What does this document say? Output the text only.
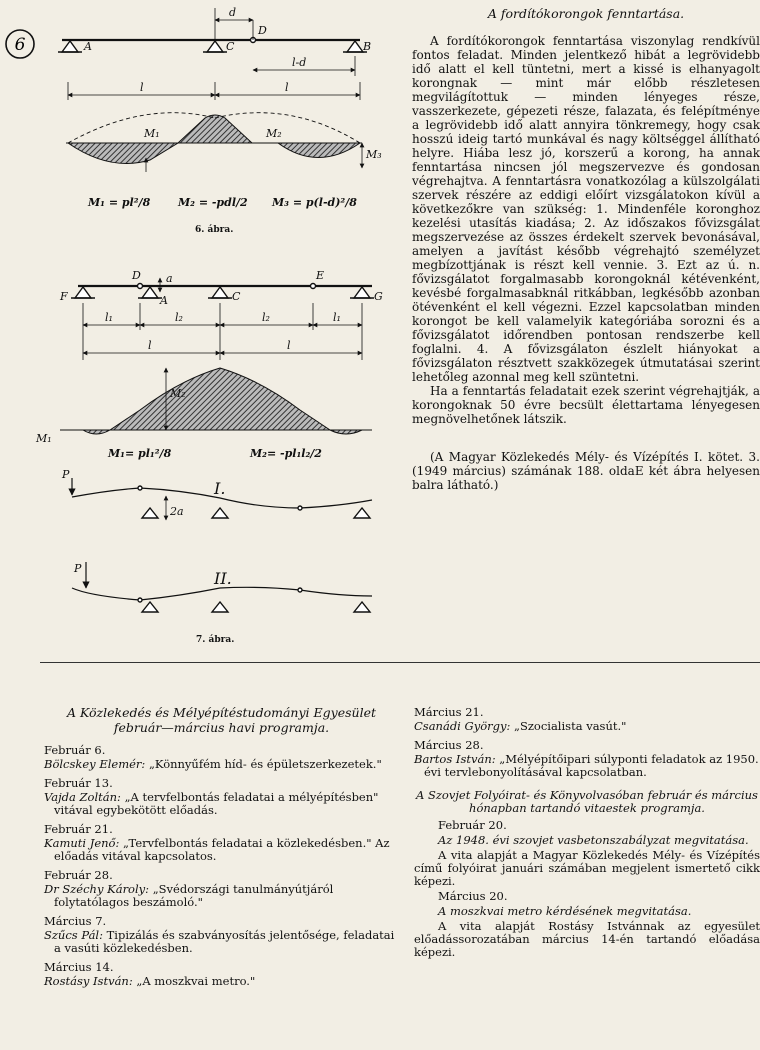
6	A	C	B
D
d
l-d
l	l
M₁	M₂
M₃
M₁ = pl²/8	M₂ = -pdl/2 M₃ = p(l-d)²/8
6. ábra.
F
D a
A	C
E
G
l₁	l₂	l₂	l₁
l	l
M₂
M₁
M₁= pl₁²/8	M₂= -pl₁l₂/2
P
2a
I.
P
II.
7. ábra.
A fordítókorongok fenntartása.

A fordítókorongok fenntartása viszonylag rendkívül fontos feladat. Minden jelentkező hibát a legrövidebb idő alatt el kell tüntetni, mert a kissé is elhanyagolt korongnak — mint már előbb részletesen megvilágítottuk — minden lényeges része, vasszerkezete, gépezeti része, falazata, és felépítménye a legrövidebb idő alatt annyira tönkremegy, hogy csak hosszú ideig tartó munkával és nagy költséggel állítható helyre. Hiába lesz jó, korszerű a korong, ha annak fenntartása nincsen jól megszervezve és gondosan végrehajtva. A fenntartásra vonatkozólag a külszolgálati szervek részére az eddigi előírt vizsgálatokon kívül a következőkre van szükség: 1. Mindenféle koronghoz kezelési utasítás kiadása; 2. Az időszakos fővizsgálat megszervezése az összes érdekelt szervek bevonásával, amelyen a javítást később végrehajtó személyzet megbízottjának is részt kell vennie. 3. Ezt az ú. n. fővizsgálatot forgalmasabb korongoknál kétévenként, kevésbé forgalmasabknál ritkábban, legkésőbb azonban ötévenként el kell végezni. Ezzel kapcsolatban minden korongot be kell valamelyik kategóriába sorozni és a fővizsgálatot időrendben pontosan rendszerbe kell foglalni. 4. A fővizsgálaton észlelt hiányokat a fővizsgálaton résztvett szakközegek útmutatásai szerint lehetőleg azonnal meg kell szüntetni.

Ha a fenntartás feladatait ezek szerint végrehajtják, a korongoknak 50 évre becsült élettartama lényegesen megnövelhetőnek látszik.

(A Magyar Közlekedés Mély- és Vízépítés I. kötet. 3. (1949 március) számának 188. oldaE két ábra helyesen balra látható.)

A Közlekedés és Mélyépítéstudományi Egyesület február—március havi programja.
Február 6.
Bölcskey Elemér: „Könnyűfém híd- és épületszerkezetek."
Február 13.
Vajda Zoltán: „A tervfelbontás feladatai a mélyépítésben" vitával egybekötött előadás.
Február 21.
Kamuti Jenő: „Tervfelbontás feladatai a közlekedésben." Az előadás vitával kapcsolatos.
Február 28.
Dr Széchy Károly: „Svédországi tanulmányútjáról folytatólagos beszámoló."
Március 7.
Szűcs Pál: Tipizálás és szabványosítás jelentősége, feladatai a vasúti közlekedésben.
Március 14.
Rostásy István: „A moszkvai metro."
Március 21.
Csanádi György: „Szocialista vasút."
Március 28.
Bartos István: „Mélyépítőipari súlyponti feladatok az 1950. évi tervlebonyolításával kapcsolatban.
A Szovjet Folyóirat- és Könyvolvasóban február és március hónapban tartandó vitaestek programja.
Február 20.
Az 1948. évi szovjet vasbetonszabályzat megvitatása.
A vita alapját a Magyar Közlekedés Mély- és Vízépítés című folyóirat januári számában megjelent ismertető cikk képezi.
Március 20.
A moszkvai metro kérdésének megvitatása.
A vita alapját Rostásy Istvánnak az egyesület előadássorozatában március 14-én tartandó előadása képezi.
